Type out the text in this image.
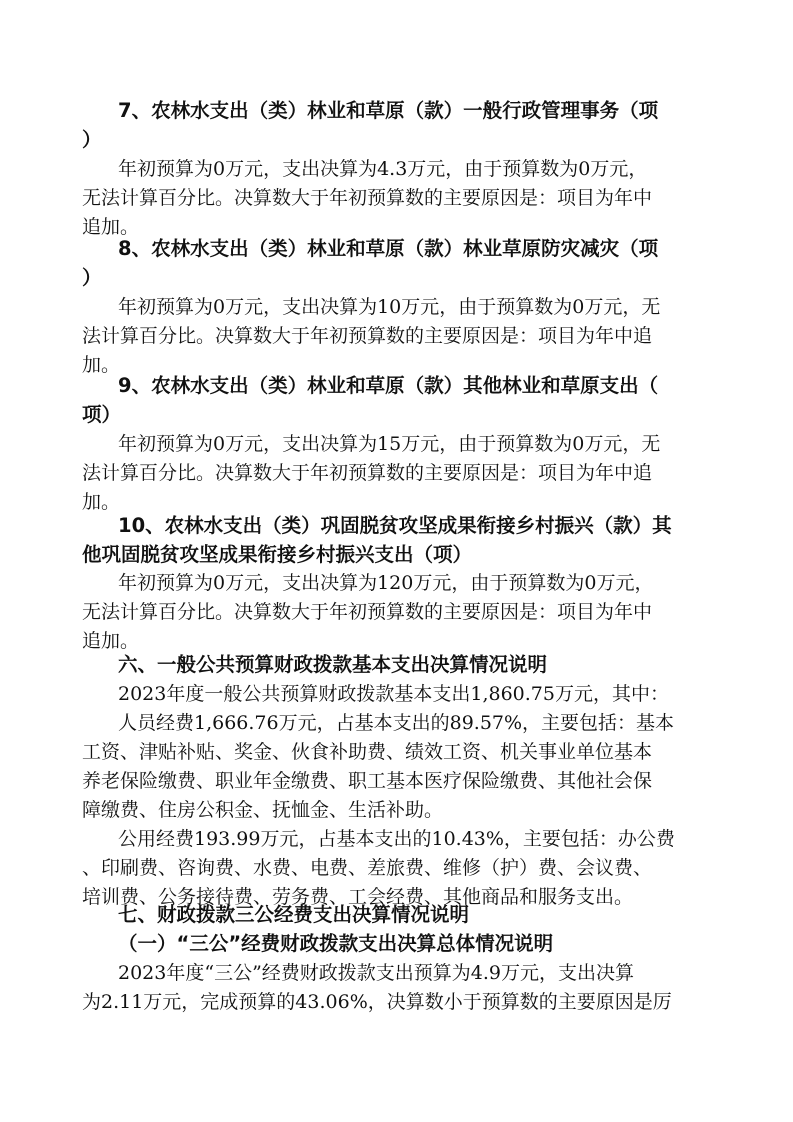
7、农林水支出（类）林业和草原（款）一般行政管理事务（项
）
年初预算为0万元，支出决算为4.3万元，由于预算数为0万元，
无法计算百分比。决算数大于年初预算数的主要原因是：项目为年中
追加。
8、农林水支出（类）林业和草原（款）林业草原防灾减灾（项
）
年初预算为0万元，支出决算为10万元，由于预算数为0万元，无
法计算百分比。决算数大于年初预算数的主要原因是：项目为年中追
加。
9、农林水支出（类）林业和草原（款）其他林业和草原支出（
项）
年初预算为0万元，支出决算为15万元，由于预算数为0万元，无
法计算百分比。决算数大于年初预算数的主要原因是：项目为年中追
加。
10、农林水支出（类）巩固脱贫攻坚成果衔接乡村振兴（款）其
他巩固脱贫攻坚成果衔接乡村振兴支出（项）
年初预算为0万元，支出决算为120万元，由于预算数为0万元，
无法计算百分比。决算数大于年初预算数的主要原因是：项目为年中
追加。
六、一般公共预算财政拨款基本支出决算情况说明
2023年度一般公共预算财政拨款基本支出1,860.75万元，其中：
人员经费1,666.76万元，占基本支出的89.57%，主要包括：基本
工资、津贴补贴、奖金、伙食补助费、绩效工资、机关事业单位基本
养老保险缴费、职业年金缴费、职工基本医疗保险缴费、其他社会保
障缴费、住房公积金、抚恤金、生活补助。
公用经费193.99万元，占基本支出的10.43%，主要包括：办公费
、印刷费、咨询费、水费、电费、差旅费、维修（护）费、会议费、
培训费、公务接待费、劳务费、工会经费、其他商品和服务支出。
七、财政拨款三公经费支出决算情况说明
（一）“三公”经费财政拨款支出决算总体情况说明
2023年度“三公”经费财政拨款支出预算为4.9万元，支出决算
为2.11万元，完成预算的43.06%，决算数小于预算数的主要原因是厉
